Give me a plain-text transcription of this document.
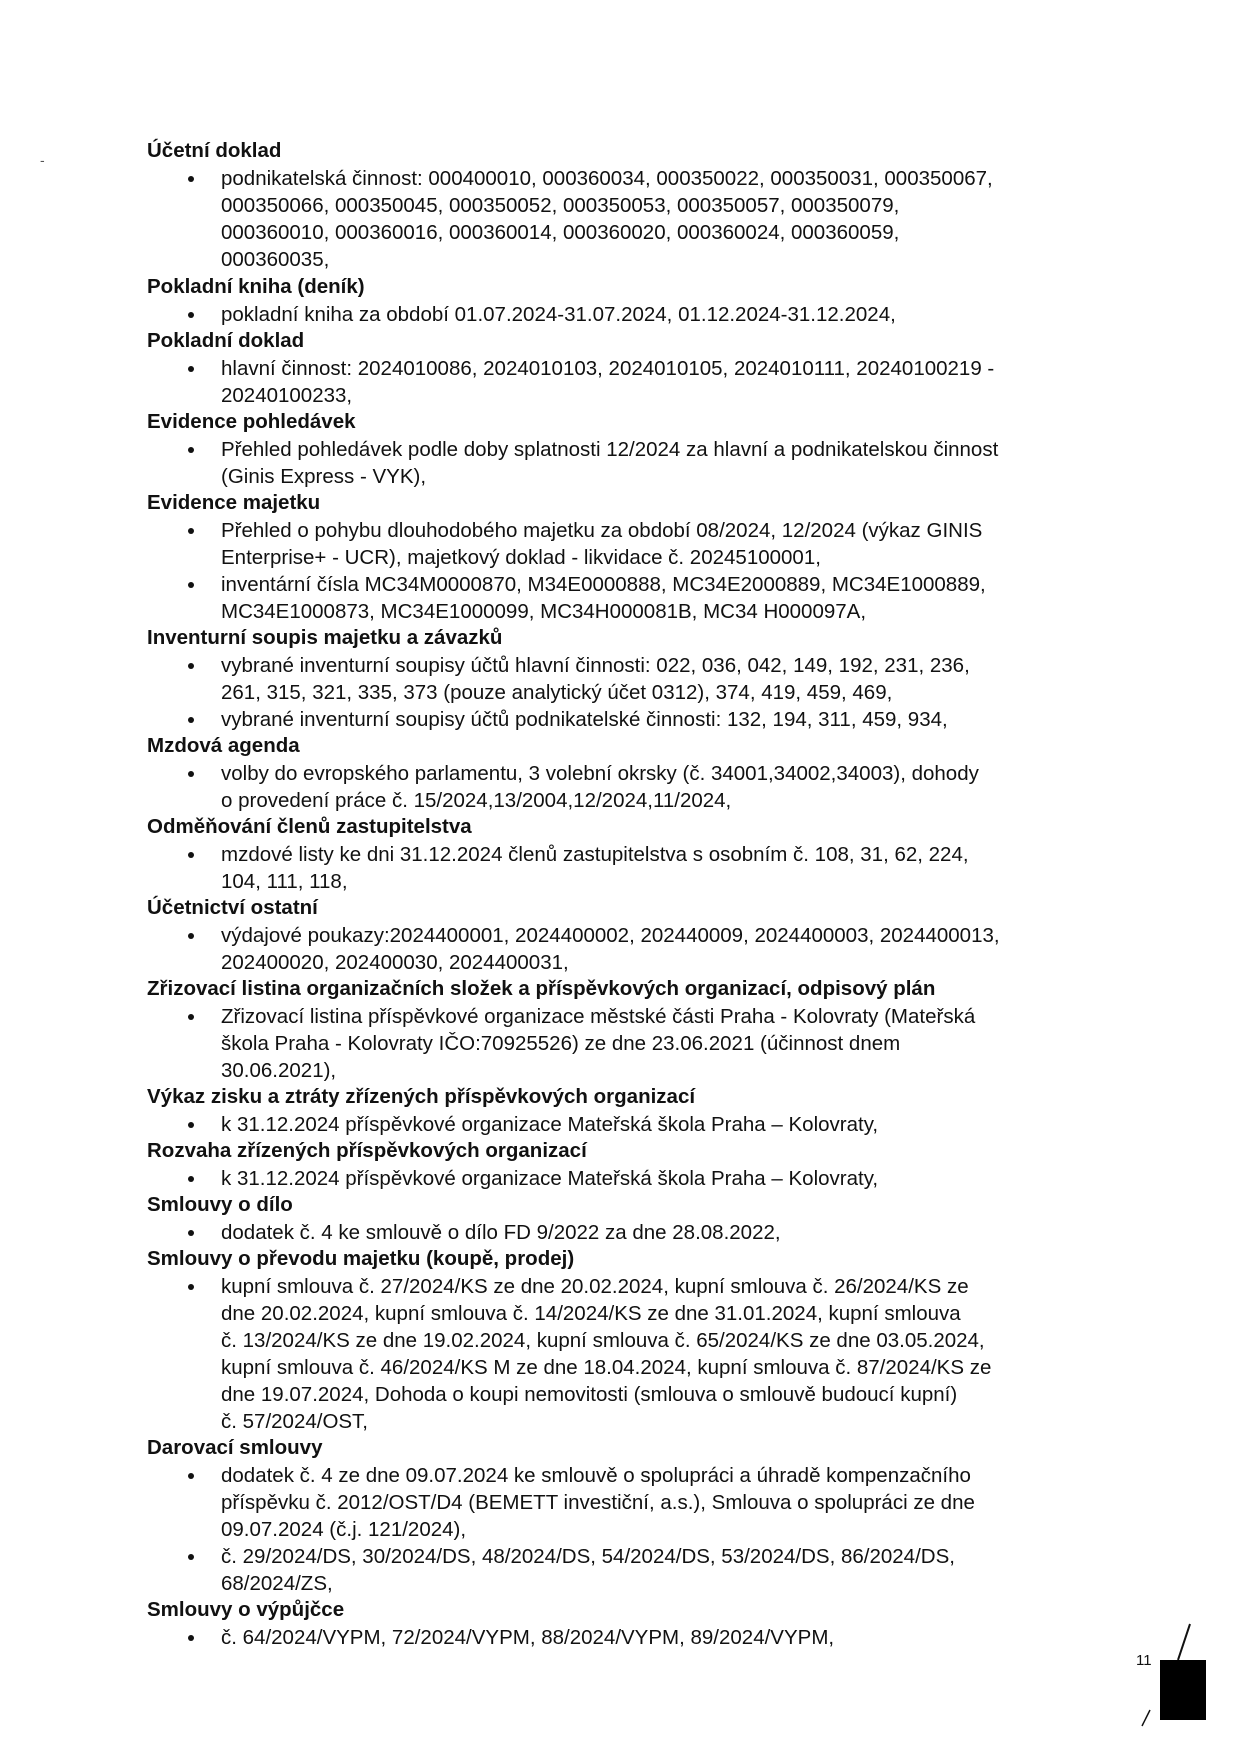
-	Účetní doklad
podnikatelská činnost: 000400010, 000360034, 000350022, 000350031, 000350067,
000350066, 000350045, 000350052, 000350053, 000350057, 000350079,
000360010, 000360016, 000360014, 000360020, 000360024, 000360059,
000360035,
Pokladní kniha (deník)
pokladní kniha za období 01.07.2024-31.07.2024, 01.12.2024-31.12.2024,
Pokladní doklad
hlavní činnost: 2024010086, 2024010103, 2024010105, 2024010111, 20240100219 -
20240100233,
Evidence pohledávek
Přehled pohledávek podle doby splatnosti 12/2024 za hlavní a podnikatelskou činnost
(Ginis Express - VYK),
Evidence majetku
Přehled o pohybu dlouhodobého majetku za období 08/2024, 12/2024 (výkaz GINIS
Enterprise+ - UCR), majetkový doklad - likvidace č. 20245100001,
inventární čísla MC34M0000870, M34E0000888, MC34E2000889, MC34E1000889,
MC34E1000873, MC34E1000099, MC34H000081B, MC34 H000097A,
Inventurní soupis majetku a závazků
vybrané inventurní soupisy účtů hlavní činnosti: 022, 036, 042, 149, 192, 231, 236,
261, 315, 321, 335, 373 (pouze analytický účet 0312), 374, 419, 459, 469,
vybrané inventurní soupisy účtů podnikatelské činnosti: 132, 194, 311, 459, 934,
Mzdová agenda
volby do evropského parlamentu, 3 volební okrsky (č. 34001,34002,34003), dohody
o provedení práce č. 15/2024,13/2004,12/2024,11/2024,
Odměňování členů zastupitelstva
mzdové listy ke dni 31.12.2024 členů zastupitelstva s osobním č. 108, 31, 62, 224,
104, 111, 118,
Účetnictví ostatní
výdajové poukazy:2024400001, 2024400002, 202440009, 2024400003, 2024400013,
202400020, 202400030, 2024400031,
Zřizovací listina organizačních složek a příspěvkových organizací, odpisový plán
Zřizovací listina příspěvkové organizace městské části Praha - Kolovraty (Mateřská
škola Praha - Kolovraty IČO:70925526) ze dne 23.06.2021 (účinnost dnem
30.06.2021),
Výkaz zisku a ztráty zřízených příspěvkových organizací
k 31.12.2024 příspěvkové organizace Mateřská škola Praha – Kolovraty,
Rozvaha zřízených příspěvkových organizací
k 31.12.2024 příspěvkové organizace Mateřská škola Praha – Kolovraty,
Smlouvy o dílo
dodatek č. 4 ke smlouvě o dílo FD 9/2022 za dne 28.08.2022,
Smlouvy o převodu majetku (koupě, prodej)
kupní smlouva č. 27/2024/KS ze dne 20.02.2024, kupní smlouva č. 26/2024/KS ze
dne 20.02.2024, kupní smlouva č. 14/2024/KS ze dne 31.01.2024, kupní smlouva
č. 13/2024/KS ze dne 19.02.2024, kupní smlouva č. 65/2024/KS ze dne 03.05.2024,
kupní smlouva č. 46/2024/KS M ze dne 18.04.2024, kupní smlouva č. 87/2024/KS ze
dne 19.07.2024, Dohoda o koupi nemovitosti (smlouva o smlouvě budoucí kupní)
č. 57/2024/OST,
Darovací smlouvy
dodatek č. 4 ze dne 09.07.2024 ke smlouvě o spolupráci a úhradě kompenzačního
příspěvku č. 2012/OST/D4 (BEMETT investiční, a.s.), Smlouva o spolupráci ze dne
09.07.2024 (č.j. 121/2024),
č. 29/2024/DS, 30/2024/DS, 48/2024/DS, 54/2024/DS, 53/2024/DS, 86/2024/DS,
68/2024/ZS,
Smlouvy o výpůjčce
č. 64/2024/VYPM, 72/2024/VYPM, 88/2024/VYPM, 89/2024/VYPM,
11
